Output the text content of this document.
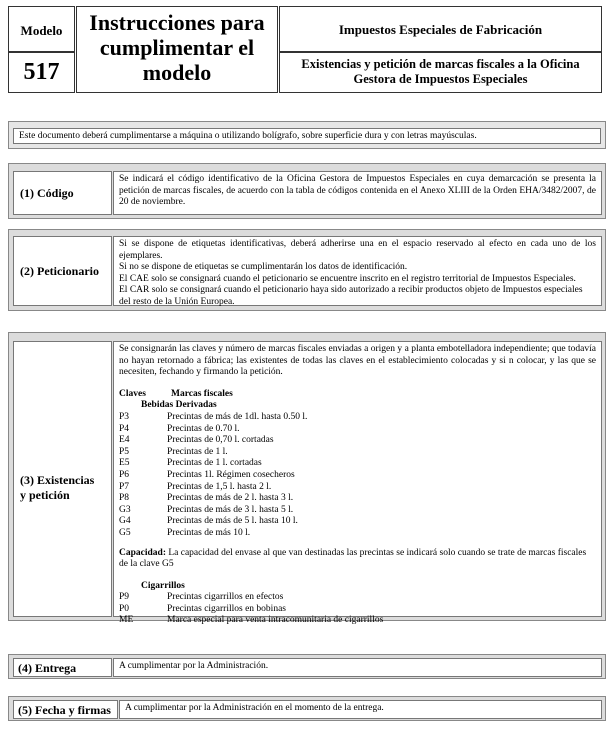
Modelo
517
Instrucciones para cumplimentar el modelo
Impuestos Especiales de Fabricación
Existencias y petición de marcas fiscales a la Oficina Gestora de Impuestos Especiales
Este documento deberá cumplimentarse a máquina o utilizando bolígrafo, sobre superficie dura y con letras mayúsculas.
(1) Código
Se indicará el código identificativo de la Oficina Gestora de Impuestos Especiales en cuya demarcación se presenta la petición de marcas fiscales, de acuerdo con la tabla de códigos contenida en el Anexo XLIII de la Orden EHA/3482/2007, de 20 de noviembre.
(2) Peticionario
Si se dispone de etiquetas identificativas, deberá adherirse una en el espacio reservado al efecto en cada uno de los ejemplares.
Si no se dispone de etiquetas se cumplimentarán los datos de identificación.
El CAE solo se consignará cuando el peticionario se encuentre inscrito en el registro territorial de Impuestos Especiales.
El CAR solo se consignará cuando el peticionario haya sido autorizado a recibir productos objeto de Impuestos especiales del resto de la Unión Europea.
(3) Existencias
y petición
Se consignarán las claves y número de marcas fiscales enviadas a origen y a planta embotelladora independiente; que todavía no hayan retornado a fábrica; las existentes de todas las claves en el establecimiento colocadas y si n colocar, y las que se necesiten, fechando y firmando la petición.
Claves	Marcas fiscales
Bebidas Derivadas
P3	Precintas de más de 1dl. hasta 0.50 l.
P4	Precintas de 0.70 l.
E4	Precintas de 0,70 l. cortadas
P5	Precintas de 1 l.
E5	Precintas de 1 l. cortadas
P6	Precintas 1l. Régimen cosecheros
P7	Precintas de 1,5 l. hasta 2 l.
P8	Precintas de más de 2 l. hasta 3 l.
G3	Precintas de más de 3 l. hasta 5 l.
G4	Precintas de más de 5 l. hasta 10 l.
G5	Precintas de más 10 l.
Capacidad: La capacidad del envase al que van destinadas las precintas se indicará solo cuando se trate de marcas fiscales de la clave G5
Cigarrillos
P9	Precintas cigarrillos en efectos
P0	Precintas cigarrillos en bobinas
ME	Marca especial para venta intracomunitaria de cigarrillos
(4) Entrega	A cumplimentar por la Administración.
(5) Fecha y firmas	A cumplimentar por la Administración en el momento de la entrega.
